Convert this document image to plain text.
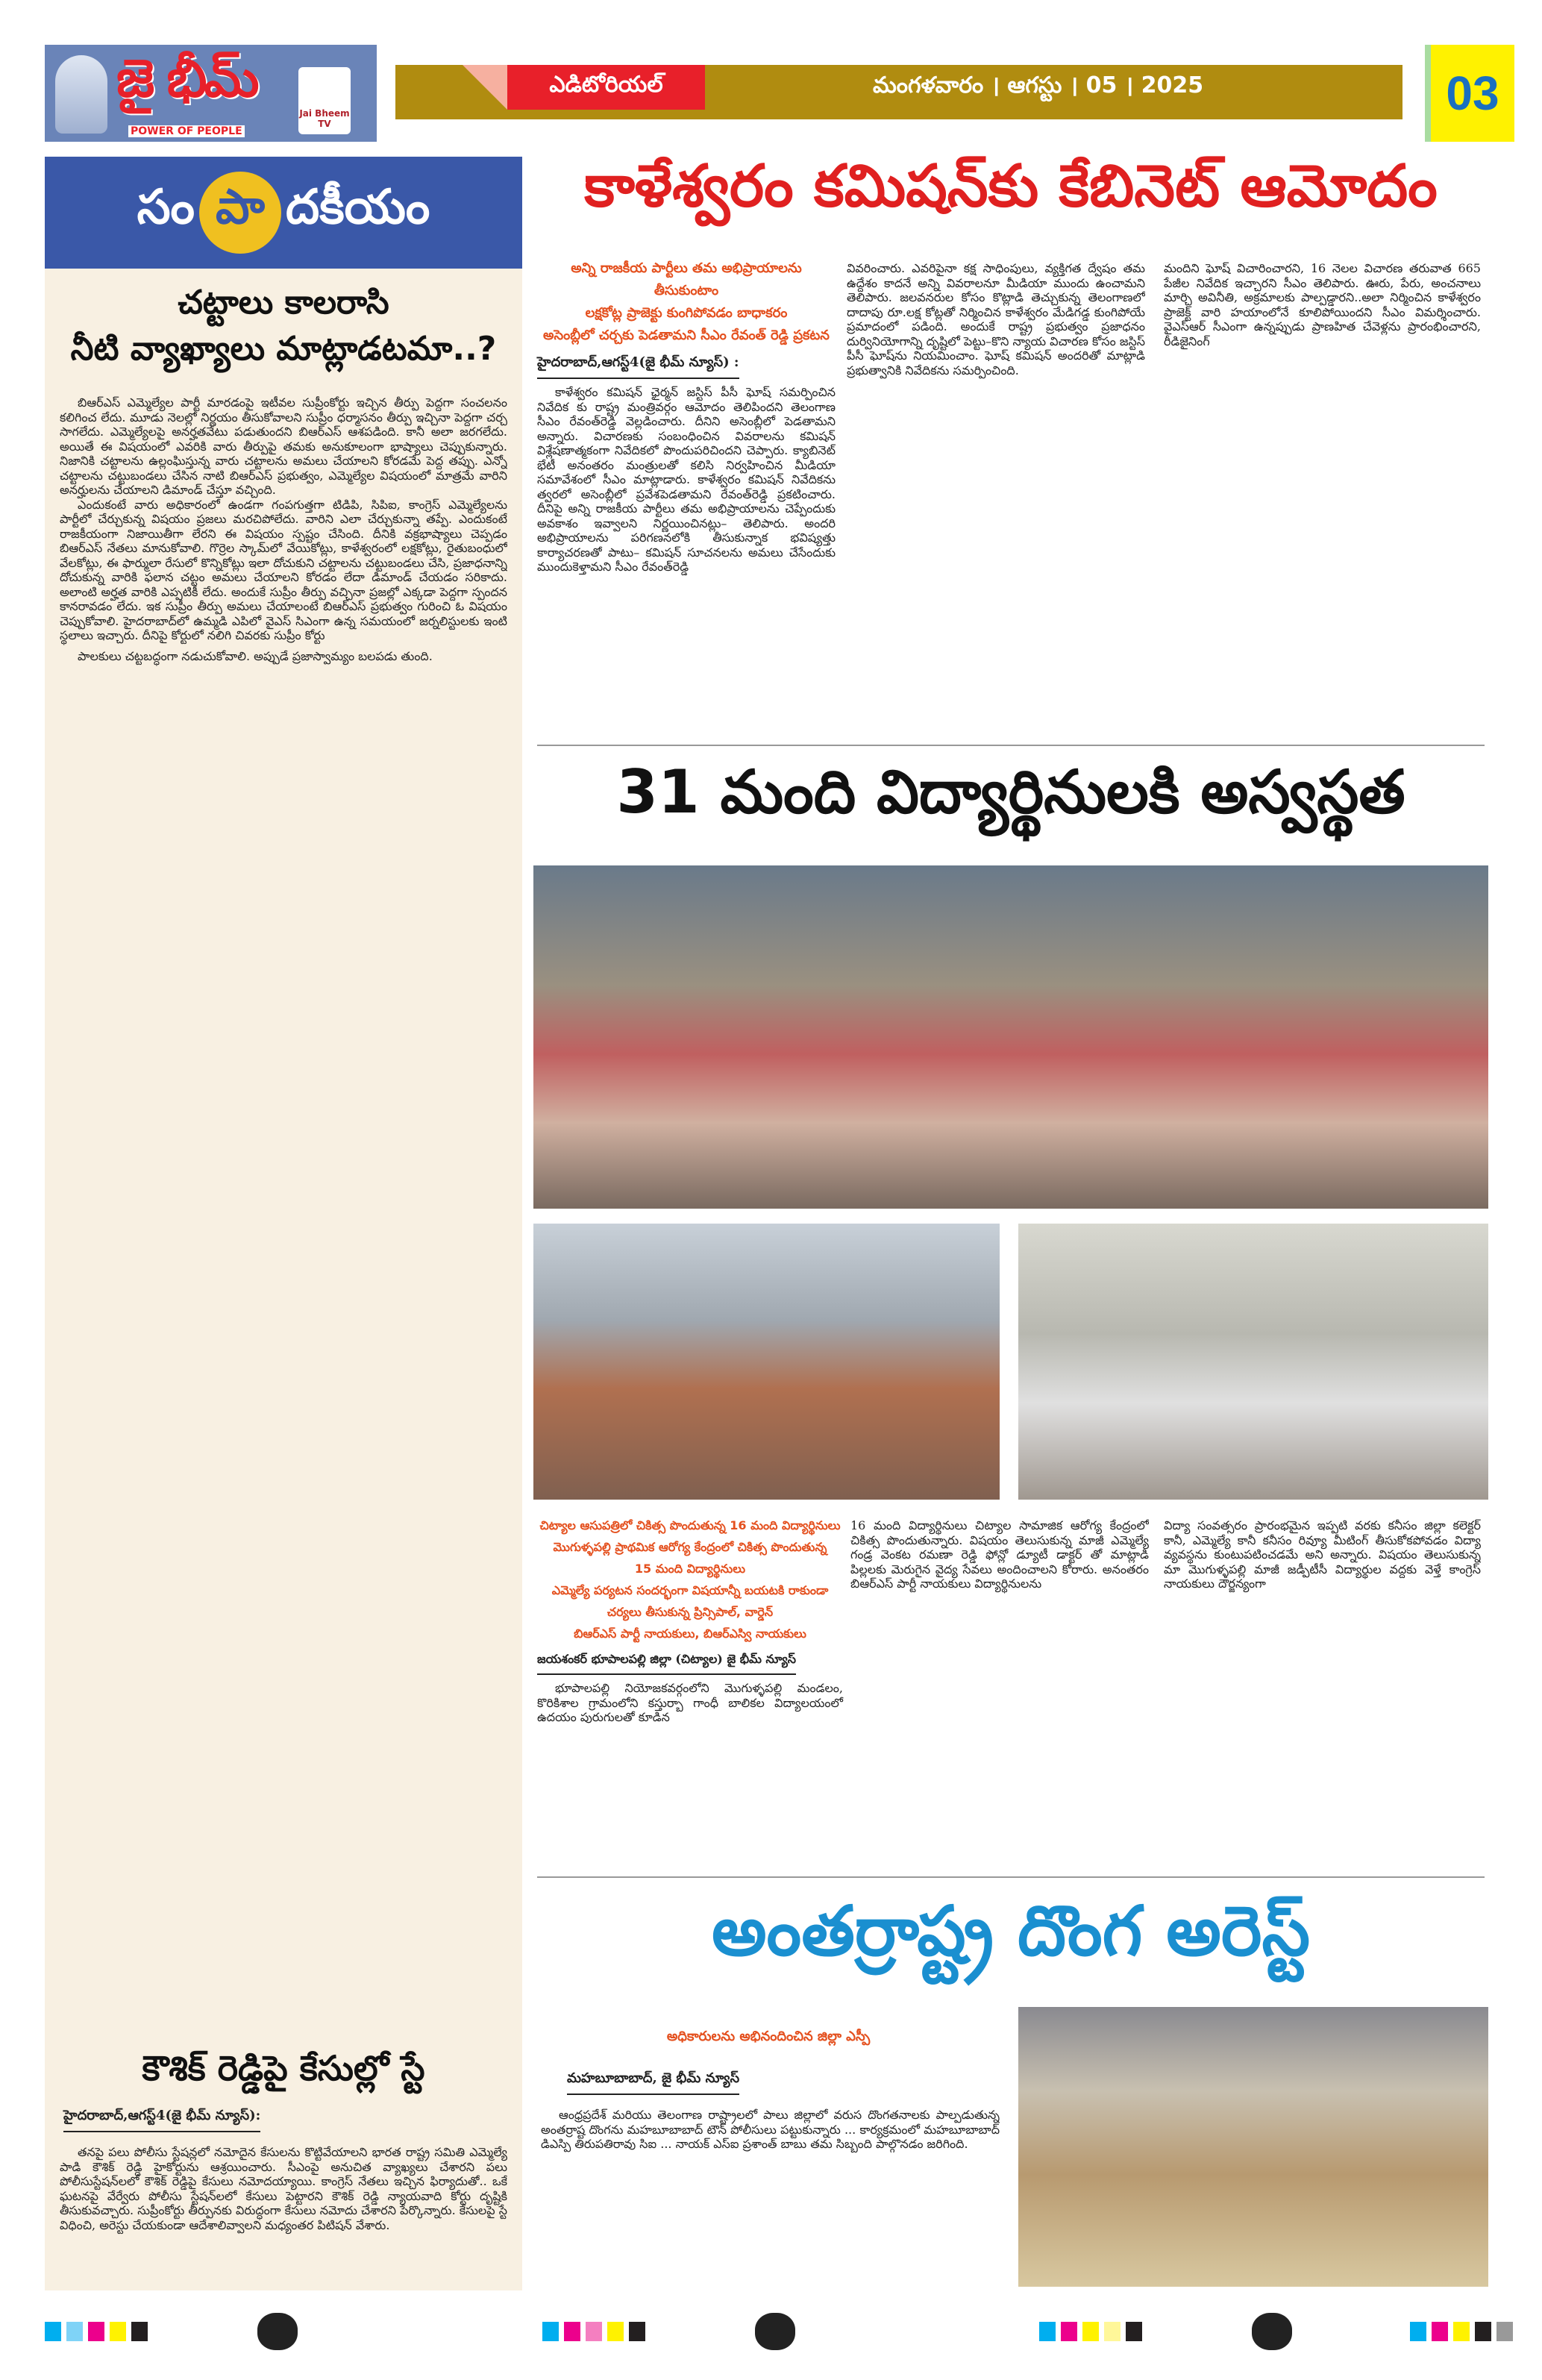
జై భీమ్
POWER OF PEOPLE
Jai Bheem TV
ఎడిటోరియల్	మంగళవారం । ఆగస్టు । 05 । 2025	03
సం పా దకీయం
చట్టాలు కాలరాసి
నీటి వ్యాఖ్యాలు మాట్లాడటమా..?

బిఆర్‌ఎస్ ఎమ్మెల్యేల పార్టీ మారడంపై ఇటీవల సుప్రీంకోర్టు ఇచ్చిన తీర్పు పెద్దగా సంచలనం కలిగించ లేదు. మూడు నెలల్లో నిర్ణయం తీసుకోవాలని సుప్రీం ధర్మాసనం తీర్పు ఇచ్చినా పెద్దగా చర్చ సాగలేదు. ఎమ్మెల్యేలపై అనర్హతవేటు పడుతుందని బిఆర్‌ఎస్ ఆశపడింది. కానీ అలా జరగలేదు. అయితే ఈ విషయంలో ఎవరికి వారు తీర్పుపై తమకు అనుకూలంగా భాష్యాలు చెప్పుకున్నారు. నిజానికి చట్టాలను ఉల్లంఘిస్తున్న వారు చట్టాలను అమలు చేయాలని కోరడమే పెద్ద తప్పు. ఎన్నో చట్టాలను చట్టుబండలు చేసిన నాటి బిఆర్‌ఎస్ ప్రభుత్వం, ఎమ్మెల్యేల విషయంలో మాత్రమే వారిని అనర్హులను చేయాలని డిమాండ్ చేస్తూ వచ్చింది.

ఎందుకంటే వారు అధికారంలో ఉండగా గంపగుత్తగా టిడిపి, సిపిఐ, కాంగ్రెస్ ఎమ్మెల్యేలను పార్టీలో చేర్చుకున్న విషయం ప్రజలు మరచిపోలేదు. వారిని ఎలా చేర్చుకున్నా తప్పే. ఎందుకంటే రాజకీయంగా నిజాయితీగా లేరని ఈ విషయం స్పష్టం చేసింది. దీనికి వక్రభాష్యాలు చెప్పడం బిఆర్‌ఎస్ నేతలు మానుకోవాలి. గొర్రెల స్కామ్‌లో వేయికోట్లు, కాళేశ్వరంలో లక్షకోట్లు, రైతుబంధులో వేలకోట్లు, ఈ ఫార్ములా రేసులో కొన్నికోట్లు ఇలా దోచుకుని చట్టాలను చట్టుబండలు చేసి, ప్రజాధనాన్ని దోచుకున్న వారికి ఫలాన చట్టం అమలు చేయాలని కోరడం లేదా డిమాండ్ చేయడం సరికాదు. అలాంటి అర్హత వారికి ఎప్పటికీ లేదు. అందుకే సుప్రీం తీర్పు వచ్చినా ప్రజల్లో ఎక్కడా పెద్దగా స్పందన కానరావడం లేదు. ఇక సుప్రీం తీర్పు అమలు చేయాలంటే బిఆర్‌ఎస్ ప్రభుత్వం గురించి ఓ విషయం చెప్పుకోవాలి. హైదరాబాద్‌లో ఉమ్మడి ఎపిలో వైఎస్ సిఎంగా ఉన్న సమయంలో జర్నలిస్టులకు ఇంటి స్థలాలు ఇచ్చారు. దీనిపై కోర్టులో నలిగి చివరకు సుప్రీం కోర్టు

పాలకులు చట్టబద్ధంగా నడుచుకోవాలి. అప్పుడే ప్రజాస్వామ్యం బలపడు తుంది.

కౌశిక్ రెడ్డిపై కేసుల్లో స్టే
హైదరాబాద్,ఆగస్ట్4(జై భీమ్ న్యూస్):

తనపై పలు పోలీసు స్టేషన్లలో నమోదైన కేసులను కొట్టివేయాలని భారత రాష్ట్ర సమితి ఎమ్మెల్యే పాడి కౌశిక్ రెడ్డి హైకోర్టును ఆశ్రయించారు. సీఎంపై అనుచిత వ్యాఖ్యలు చేశారని పలు పోలీసుస్టేషన్‌లలో కౌశిక్ రెడ్డిపై కేసులు నమోదయ్యాయి. కాంగ్రెస్ నేతలు ఇచ్చిన ఫిర్యాదుతో.. ఒకే ఘటనపై వేర్వేరు పోలీసు స్టేషన్‌లలో కేసులు పెట్టారని కౌశిక్ రెడ్డి న్యాయవాది కోర్టు దృష్టికి తీసుకువచ్చారు. సుప్రీంకోర్టు తీర్పునకు విరుద్ధంగా కేసులు నమోదు చేశారని పేర్కొన్నారు. కేసులపై స్టే విధించి, అరెస్టు చేయకుండా ఆదేశాలివ్వాలని మధ్యంతర పిటిషన్ వేశారు.

కాళేశ్వరం కమిషన్‌కు కేబినెట్ ఆమోదం
అన్ని రాజకీయ పార్టీలు తమ అభిప్రాయాలను తీసుకుంటాం
లక్షకోట్ల ప్రాజెక్టు కుంగిపోవడం బాధాకరం
అసెంబ్లీలో చర్చకు పెడతామని సీఎం రేవంత్ రెడ్డి ప్రకటన
హైదరాబాద్,ఆగస్ట్4(జై భీమ్ న్యూస్) :

కాళేశ్వరం కమిషన్ ఛైర్మన్ జస్టిస్ పీసీ ఘోష్ సమర్పించిన నివేదిక కు రాష్ట్ర మంత్రివర్గం ఆమోదం తెలిపిందని తెలంగాణ సీఎం రేవంత్‌రెడ్డి వెల్లడించారు. దీనిని అసెంబ్లీలో పెడతామని అన్నారు. విచారణకు సంబంధించిన వివరాలను కమిషన్ విశ్లేషణాత్మకంగా నివేదికలో పొందుపరిచిందని చెప్పారు. క్యాబినెట్ భేటీ అనంతరం మంత్రులతో కలిసి నిర్వహించిన మీడియా సమావేశంలో సీఎం మాట్లాడారు. కాళేశ్వరం కమిషన్ నివేదికను త్వరలో అసెంబ్లీలో ప్రవేశపెడతామని రేవంత్‌రెడ్డి ప్రకటించారు. దీనిపై అన్ని రాజకీయ పార్టీలు తమ అభిప్రాయాలను చెప్పేందుకు అవకాశం ఇవ్వాలని నిర్ణయించినట్లు– తెలిపారు. అందరి అభిప్రాయాలను పరిగణనలోకి తీసుకున్నాక భవిష్యత్తు కార్యాచరణతో పాటు– కమిషన్ సూచనలను అమలు చేసేందుకు ముందుకెళ్తామని సీఎం రేవంత్‌రెడ్డి

వివరించారు. ఎవరిపైనా కక్ష సాధింపులు, వ్యక్తిగత ద్వేషం తమ ఉద్దేశం కాదనే అన్ని వివరాలనూ మీడియా ముందు ఉంచామని తెలిపారు. జలవనరుల కోసం కొట్లాడి తెచ్చుకున్న తెలంగాణలో దాదాపు రూ.లక్ష కోట్లతో నిర్మించిన కాళేశ్వరం మేడిగడ్డ కుంగిపోయే ప్రమాదంలో పడింది. అందుకే రాష్ట్ర ప్రభుత్వం ప్రజాధనం దుర్వినియోగాన్ని దృష్టిలో పెట్టు–కొని న్యాయ విచారణ కోసం జస్టిస్ పీసీ ఘోష్‌ను నియమించాం. ఘోష్ కమిషన్ అందరితో మాట్లాడి ప్రభుత్వానికి నివేదికను సమర్పించింది.
మందిని ఘోష్ విచారించారని, 16 నెలల విచారణ తరువాత 665 పేజీల నివేదిక ఇచ్చారని సీఎం తెలిపారు. ఊరు, పేరు, అంచనాలు మార్చి అవినీతి, అక్రమాలకు పాల్పడ్డారని..అలా నిర్మించిన కాళేశ్వరం ప్రాజెక్ట్ వారి హయాంలోనే కూలిపోయిందని సీఎం విమర్శించారు. వైఎస్‌ఆర్ సీఎంగా ఉన్నప్పుడు ప్రాణహిత చేవెళ్లను ప్రారంభించారని, రీడిజైనింగ్
31 మంది విద్యార్థినులకి అస్వస్థత
చిట్యాల ఆసుపత్రిలో చికిత్స పొందుతున్న 16 మంది విద్యార్థినులు
మొగుళ్ళపల్లి ప్రాథమిక ఆరోగ్య కేంద్రంలో చికిత్స పొందుతున్న
15 మంది విద్యార్థినులు
ఎమ్మెల్యే పర్యటన సందర్భంగా విషయాన్నీ బయటకి రాకుండా చర్యలు తీసుకున్న ప్రిన్సిపాల్, వార్డెన్
బిఆర్ఎస్ పార్టీ నాయకులు, బిఆర్ఎస్వి నాయకులు
జయశంకర్ భూపాలపల్లి జిల్లా (చిట్యాల) జై భీమ్ న్యూస్

భూపాలపల్లి నియోజకవర్గంలోని మొగుళ్ళపల్లి మండలం, కొరికిశాల గ్రామంలోని కస్తుర్బా గాంధీ బాలికల విద్యాలయంలో ఉదయం పురుగులతో కూడిన

16 మంది విద్యార్థినులు చిట్యాల సామాజిక ఆరోగ్య కేంద్రంలో చికిత్స పొందుతున్నారు. విషయం తెలుసుకున్న మాజీ ఎమ్మెల్యే గండ్ర వెంకట రమణా రెడ్డి ఫోన్లో డ్యూటీ డాక్టర్ తో మాట్లాడి పిల్లలకు మెరుగైన వైద్య సేవలు అందించాలని కోరారు. అనంతరం బిఆర్ఎస్ పార్టీ నాయకులు విద్యార్థినులను
విద్యా సంవత్సరం ప్రారంభమైన ఇప్పటి వరకు కనీసం జిల్లా కలెక్టర్ కానీ, ఎమ్మెల్యే కానీ కనీసం రివ్యూ మీటింగ్ తీసుకోకపోవడం విద్యా వ్యవస్థను కుంటుపటించడమే అని అన్నారు. విషయం తెలుసుకున్న మా మొగుళ్ళపల్లి మాజీ జడ్పీటీసీ విద్యార్థుల వద్దకు వెళ్తే కాంగ్రెస్ నాయకులు దౌర్జన్యంగా
అంతర్రాష్ట్ర దొంగ అరెస్ట్
అధికారులను అభినందించిన జిల్లా ఎస్పీ
మహబూబాబాద్, జై భీమ్ న్యూస్

ఆంధ్రప్రదేశ్ మరియు తెలంగాణ రాష్ట్రాలలో పాలు జిల్లాలో వరుస దొంగతనాలకు పాల్పడుతున్న అంతర్రాష్ట దొంగను మహబూబాబాద్ టౌన్ పోలీసులు పట్టుకున్నారు ... కార్యక్రమంలో మహబూబాబాద్ డిఎస్పి తిరుపతిరావు సిఐ ... నాయక్ ఎస్ఐ ప్రశాంత్ బాబు తమ సిబ్బంది పాల్గొనడం జరిగింది.
